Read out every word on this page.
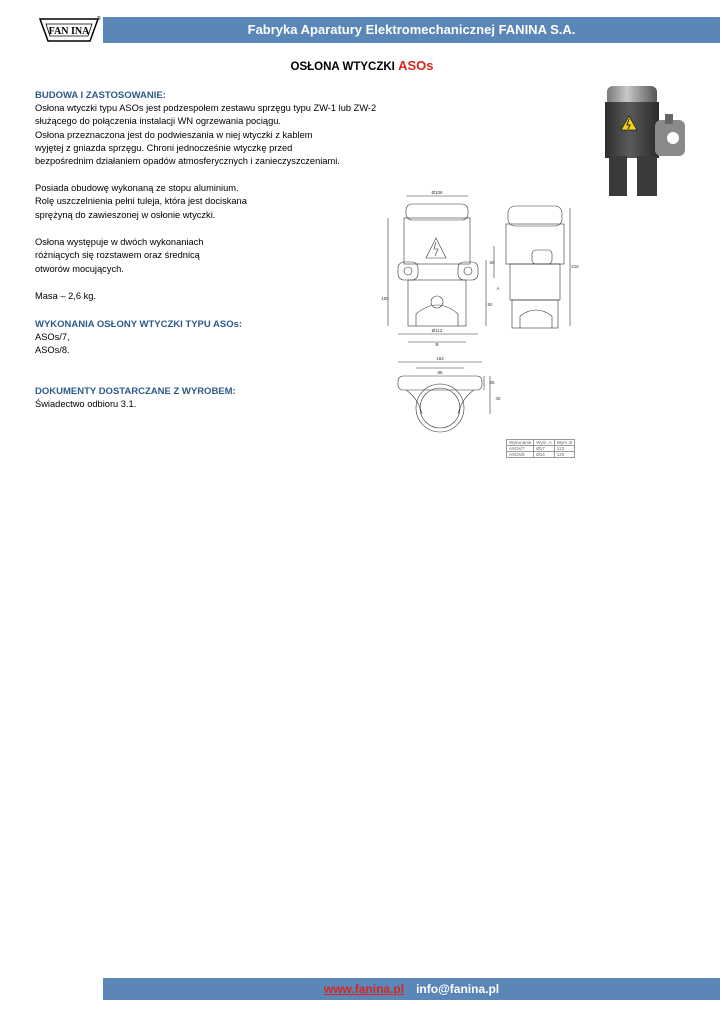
FAN INA
®
Fabryka Aparatury Elektromechanicznej FANINA S.A.
OSŁONA WTYCZKI ASOs
BUDOWA I ZASTOSOWANIE:
Osłona wtyczki typu ASOs jest podzespołem zestawu sprzęgu typu ZW-1 lub ZW-2
służącego do połączenia instalacji WN ogrzewania pociągu.
Osłona przeznaczona jest do podwieszania w niej wtyczki z kablem
wyjętej z gniazda sprzęgu. Chroni jednocześnie wtyczkę przed
bezpośrednim działaniem opadów atmosferycznych i zanieczyszczeniami.
Posiada obudowę wykonaną ze stopu aluminium.
Rolę uszczelnienia pełni tuleja, która jest dociskana
sprężyną do zawieszonej w osłonie wtyczki.
Osłona występuje w dwóch wykonaniach
różniących się rozstawem oraz średnicą
otworów mocujących.
Masa – 2,6 kg.
WYKONANIA OSŁONY WTYCZKI TYPU ASOs:
ASOs/7,
ASOs/8.
DOKUMENTY DOSTARCZANE Z WYROBEM:
Świadectwo odbioru 3.1.
Ø106
Ø112
B
100
60
50
216
A
162
86
25
40
Wykonanie	Wym. A	Wym. B
ASOs/7	Ø17	122
ASOs/8	Ø14	120
www.fanina.pl info@fanina.pl
